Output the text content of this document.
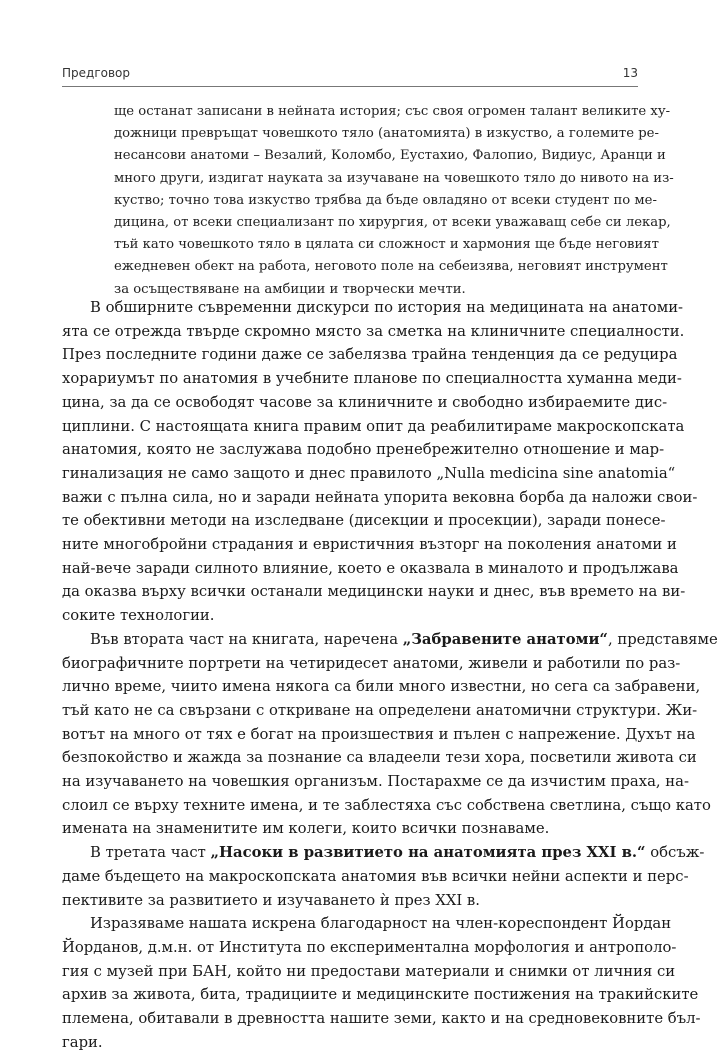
Предговор	13
ще останат записани в нейната история; със своя огромен талант великите ху-
дожници превръщат човешкото тяло (анатомията) в изкуство, а големите ре-
несансови анатоми – Везалий, Коломбо, Еустахио, Фалопио, Видиус, Аранци и
много други, издигат науката за изучаване на човешкото тяло до нивото на из-
куство; точно това изкуство трябва да бъде овладяно от всеки студент по ме-
дицина, от всеки специализант по хирургия, от всеки уважаващ себе си лекар,
тъй като човешкото тяло в цялата си сложност и хармония ще бъде неговият
ежедневен обект на работа, неговото поле на себеизява, неговият инструмент
за осъществяване на амбиции и творчески мечти.
В обширните съвременни дискурси по история на медицината на анатоми-
ята се отрежда твърде скромно място за сметка на клиничните специалности.
През последните години даже се забелязва трайна тенденция да се редуцира
хорариумът по анатомия в учебните планове по специалността хуманна меди-
цина, за да се освободят часове за клиничните и свободно избираемите дис-
циплини. С настоящата книга правим опит да реабилитираме макроскопската
анатомия, която не заслужава подобно пренебрежително отношение и мар-
гинализация не само защото и днес правилото „Nulla medicina sine anatomia“
важи с пълна сила, но и заради нейната упорита вековна борба да наложи свои-
те обективни методи на изследване (дисекции и просекции), заради понесе-
ните многобройни страдания и евристичния възторг на поколения анатоми и
най-вече заради силното влияние, което е оказвала в миналото и продължава
да оказва върху всички останали медицински науки и днес, във времето на ви-
соките технологии.
Във втората част на книгата, наречена „Забравените анатоми“, представяме
биографичните портрети на четиридесет анатоми, живели и работили по раз-
лично време, чиито имена някога са били много известни, но сега са забравени,
тъй като не са свързани с откриване на определени анатомични структури. Жи-
вотът на много от тях е богат на произшествия и пълен с напрежение. Духът на
безпокойство и жажда за познание са владеели тези хора, посветили живота си
на изучаването на човешкия организъм. Постарахме се да изчистим праха, на-
слоил се върху техните имена, и те заблестяха със собствена светлина, също като
имената на знаменитите им колеги, които всички познаваме.
В третата част „Насоки в развитието на анатомията през XXI в.“ обсъж-
даме бъдещето на макроскопската анатомия във всички нейни аспекти и перс-
пективите за развитието и изучаването ѝ през XXI в.
Изразяваме нашата искрена благодарност на член-кореспондент Йордан
Йорданов, д.м.н. от Института по експериментална морфология и антрополо-
гия с музей при БАН, който ни предостави материали и снимки от личния си
архив за живота, бита, традициите и медицинските постижения на тракийските
племена, обитавали в древността нашите земи, както и на средновековните бъл-
гари.
